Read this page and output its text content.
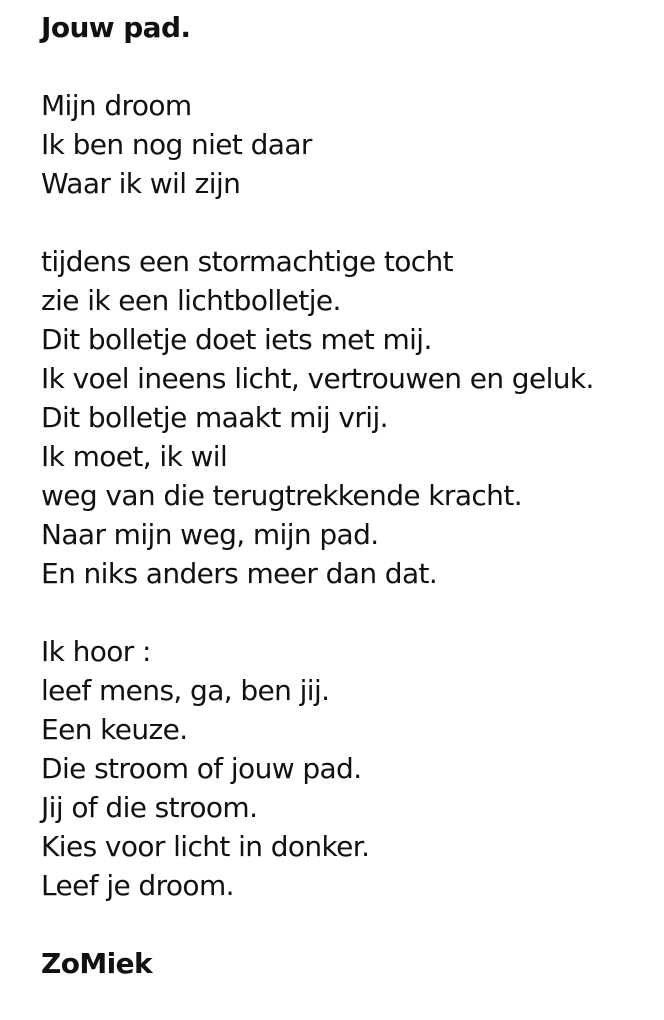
Jouw pad.
Mijn droom
Ik ben nog niet daar
Waar ik wil zijn
tijdens een stormachtige tocht
zie ik een lichtbolletje.
Dit bolletje doet iets met mij.
Ik voel ineens licht, vertrouwen en geluk.
Dit bolletje maakt mij vrij.
Ik moet, ik wil
weg van die terugtrekkende kracht.
Naar mijn weg, mijn pad.
En niks anders meer dan dat.
Ik hoor :
leef mens, ga, ben jij.
Een keuze.
Die stroom of jouw pad.
Jij of die stroom.
Kies voor licht in donker.
Leef je droom.
ZoMiek
